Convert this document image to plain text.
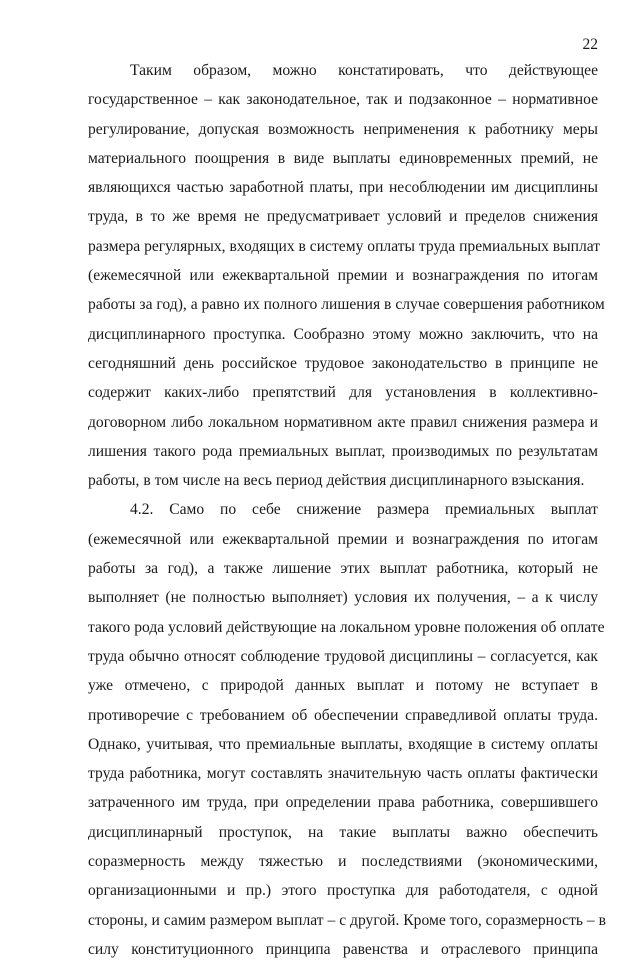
22
Таким образом, можно констатировать, что действующее
государственное – как законодательное, так и подзаконное – нормативное
регулирование, допуская возможность неприменения к работнику меры
материального поощрения в виде выплаты единовременных премий, не
являющихся частью заработной платы, при несоблюдении им дисциплины
труда, в то же время не предусматривает условий и пределов снижения
размера регулярных, входящих в систему оплаты труда премиальных выплат
(ежемесячной или ежеквартальной премии и вознаграждения по итогам
работы за год), а равно их полного лишения в случае совершения работником
дисциплинарного проступка. Сообразно этому можно заключить, что на
сегодняшний день российское трудовое законодательство в принципе не
содержит каких-либо препятствий для установления в коллективно-
договорном либо локальном нормативном акте правил снижения размера и
лишения такого рода премиальных выплат, производимых по результатам
работы, в том числе на весь период действия дисциплинарного взыскания.
4.2. Само по себе снижение размера премиальных выплат
(ежемесячной или ежеквартальной премии и вознаграждения по итогам
работы за год), а также лишение этих выплат работника, который не
выполняет (не полностью выполняет) условия их получения, – а к числу
такого рода условий действующие на локальном уровне положения об оплате
труда обычно относят соблюдение трудовой дисциплины – согласуется, как
уже отмечено, с природой данных выплат и потому не вступает в
противоречие с требованием об обеспечении справедливой оплаты труда.
Однако, учитывая, что премиальные выплаты, входящие в систему оплаты
труда работника, могут составлять значительную часть оплаты фактически
затраченного им труда, при определении права работника, совершившего
дисциплинарный проступок, на такие выплаты важно обеспечить
соразмерность между тяжестью и последствиями (экономическими,
организационными и пр.) этого проступка для работодателя, с одной
стороны, и самим размером выплат – с другой. Кроме того, соразмерность – в
силу конституционного принципа равенства и отраслевого принципа
